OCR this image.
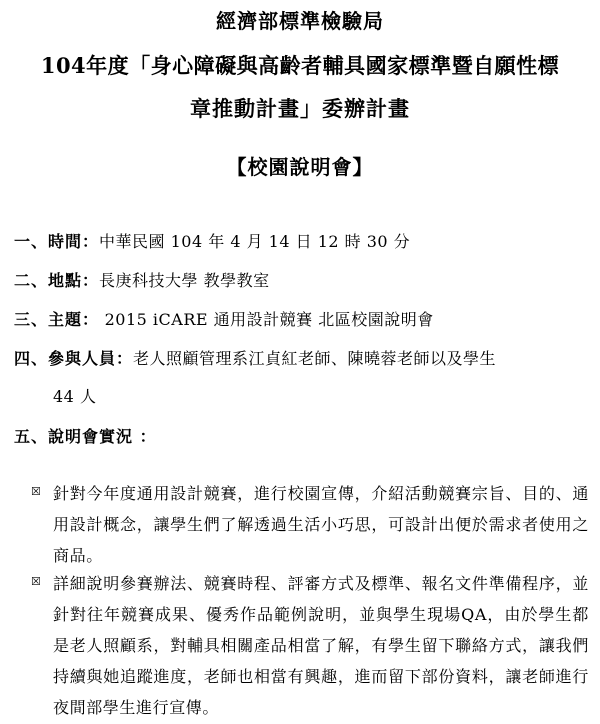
經濟部標準檢驗局
104年度「身心障礙與高齡者輔具國家標準暨自願性標
章推動計畫」委辦計畫
【校園說明會】
一、時間：中華民國 104 年 4 月 14 日 12 時 30 分
二、地點：長庚科技大學 教學教室
三、主題： 2015 iCARE 通用設計競賽 北區校園說明會
四、參與人員：老人照顧管理系江貞紅老師、陳曉蓉老師以及學生
44 人
五、說明會實況 ：
☒ 針對今年度通用設計競賽，進行校園宣傳，介紹活動競賽宗旨、目的、通用設計概念，讓學生們了解透過生活小巧思，可設計出便於需求者使用之商品。
☒ 詳細說明參賽辦法、競賽時程、評審方式及標準、報名文件準備程序，並針對往年競賽成果、優秀作品範例說明，並與學生現場QA，由於學生都是老人照顧系，對輔具相關產品相當了解，有學生留下聯絡方式，讓我們持續與她追蹤進度，老師也相當有興趣，進而留下部份資料，讓老師進行夜間部學生進行宣傳。
